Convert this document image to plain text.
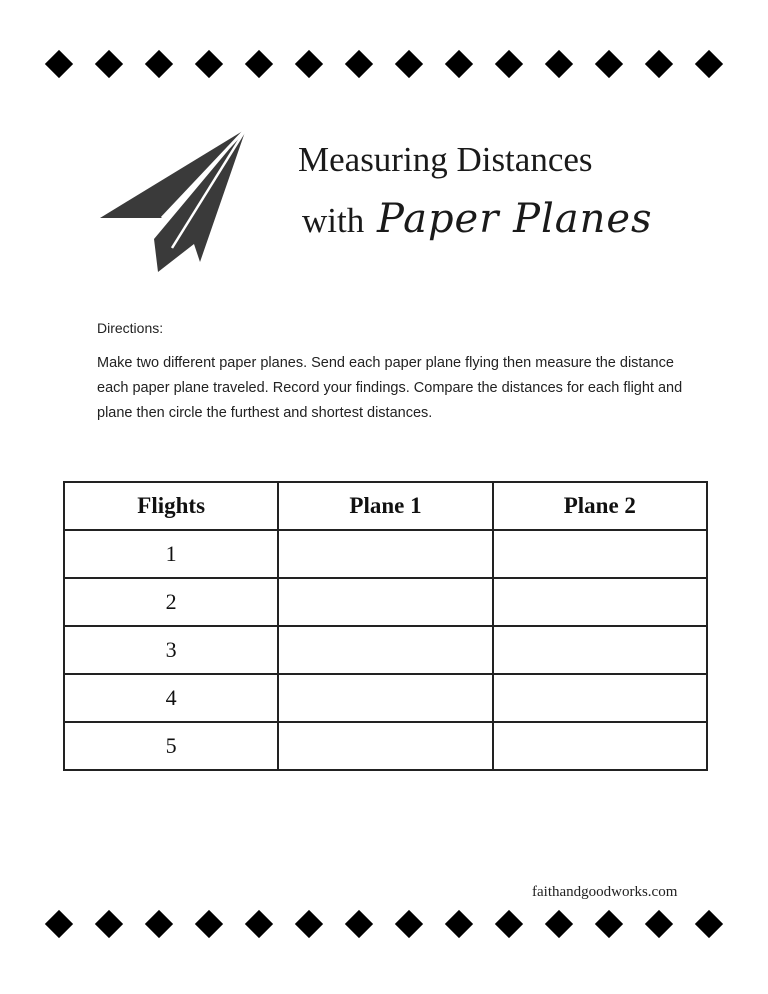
Measuring Distances
with Paper Planes
Directions:
Make two different paper planes. Send each paper plane flying then measure the distance each paper plane traveled. Record your findings. Compare the distances for each flight and plane then circle the furthest and shortest distances.
Flights	Plane 1	Plane 2
1		
2		
3		
4		
5		
faithandgoodworks.com
